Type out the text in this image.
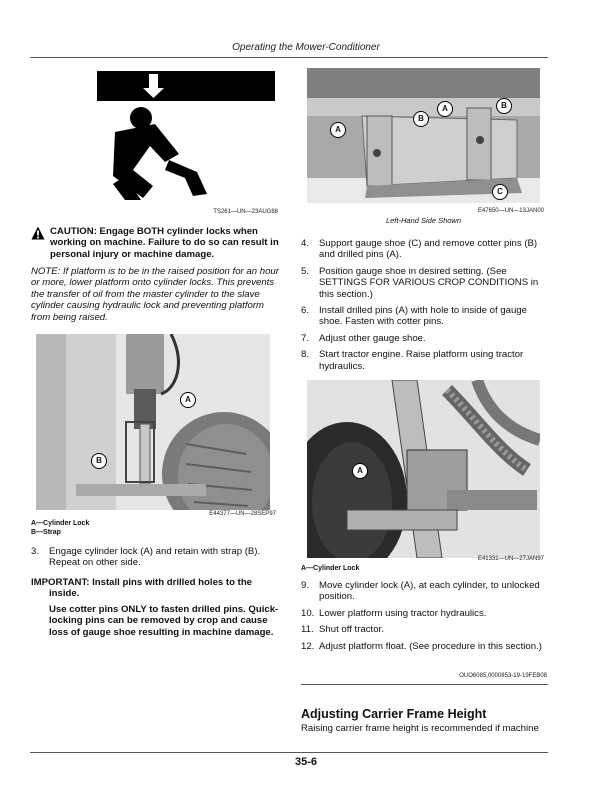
Operating the Mower-Conditioner
TS261—UN—23AUG88
CAUTION: Engage BOTH cylinder locks when working on machine. Failure to do so can result in personal injury or machine damage.
NOTE: If platform is to be in the raised position for an hour or more, lower platform onto cylinder locks. This prevents the transfer of oil from the master cylinder to the slave cylinder causing hydraulic lock and preventing platform from being raised.
A
B
E44377—UN—28SEP97
A—Cylinder Lock
B—Strap
3.	Engage cylinder lock (A) and retain with strap (B). Repeat on other side.
IMPORTANT: Install pins with drilled holes to the inside.
Use cotter pins ONLY to fasten drilled pins. Quick-locking pins can be removed by crop and cause loss of gauge shoe resulting in machine damage.
A
B
A	B
C
E47650—UN—13JAN00
Left-Hand Side Shown
4.	Support gauge shoe (C) and remove cotter pins (B) and drilled pins (A).
5.	Position gauge shoe in desired setting. (See SETTINGS FOR VARIOUS CROP CONDITIONS in this section.)
6.	Install drilled pins (A) with hole to inside of gauge shoe. Fasten with cotter pins.
7.	Adjust other gauge shoe.
8.	Start tractor engine. Raise platform using tractor hydraulics.
A
E41331—UN—27JAN97
A—Cylinder Lock
9.	Move cylinder lock (A), at each cylinder, to unlocked position.
10. Lower platform using tractor hydraulics.
11. Shut off tractor.
12. Adjust platform float. (See procedure in this section.)
OUO6085,0000853-19-19FEB08
Adjusting Carrier Frame Height
Raising carrier frame height is recommended if machine
35-6
